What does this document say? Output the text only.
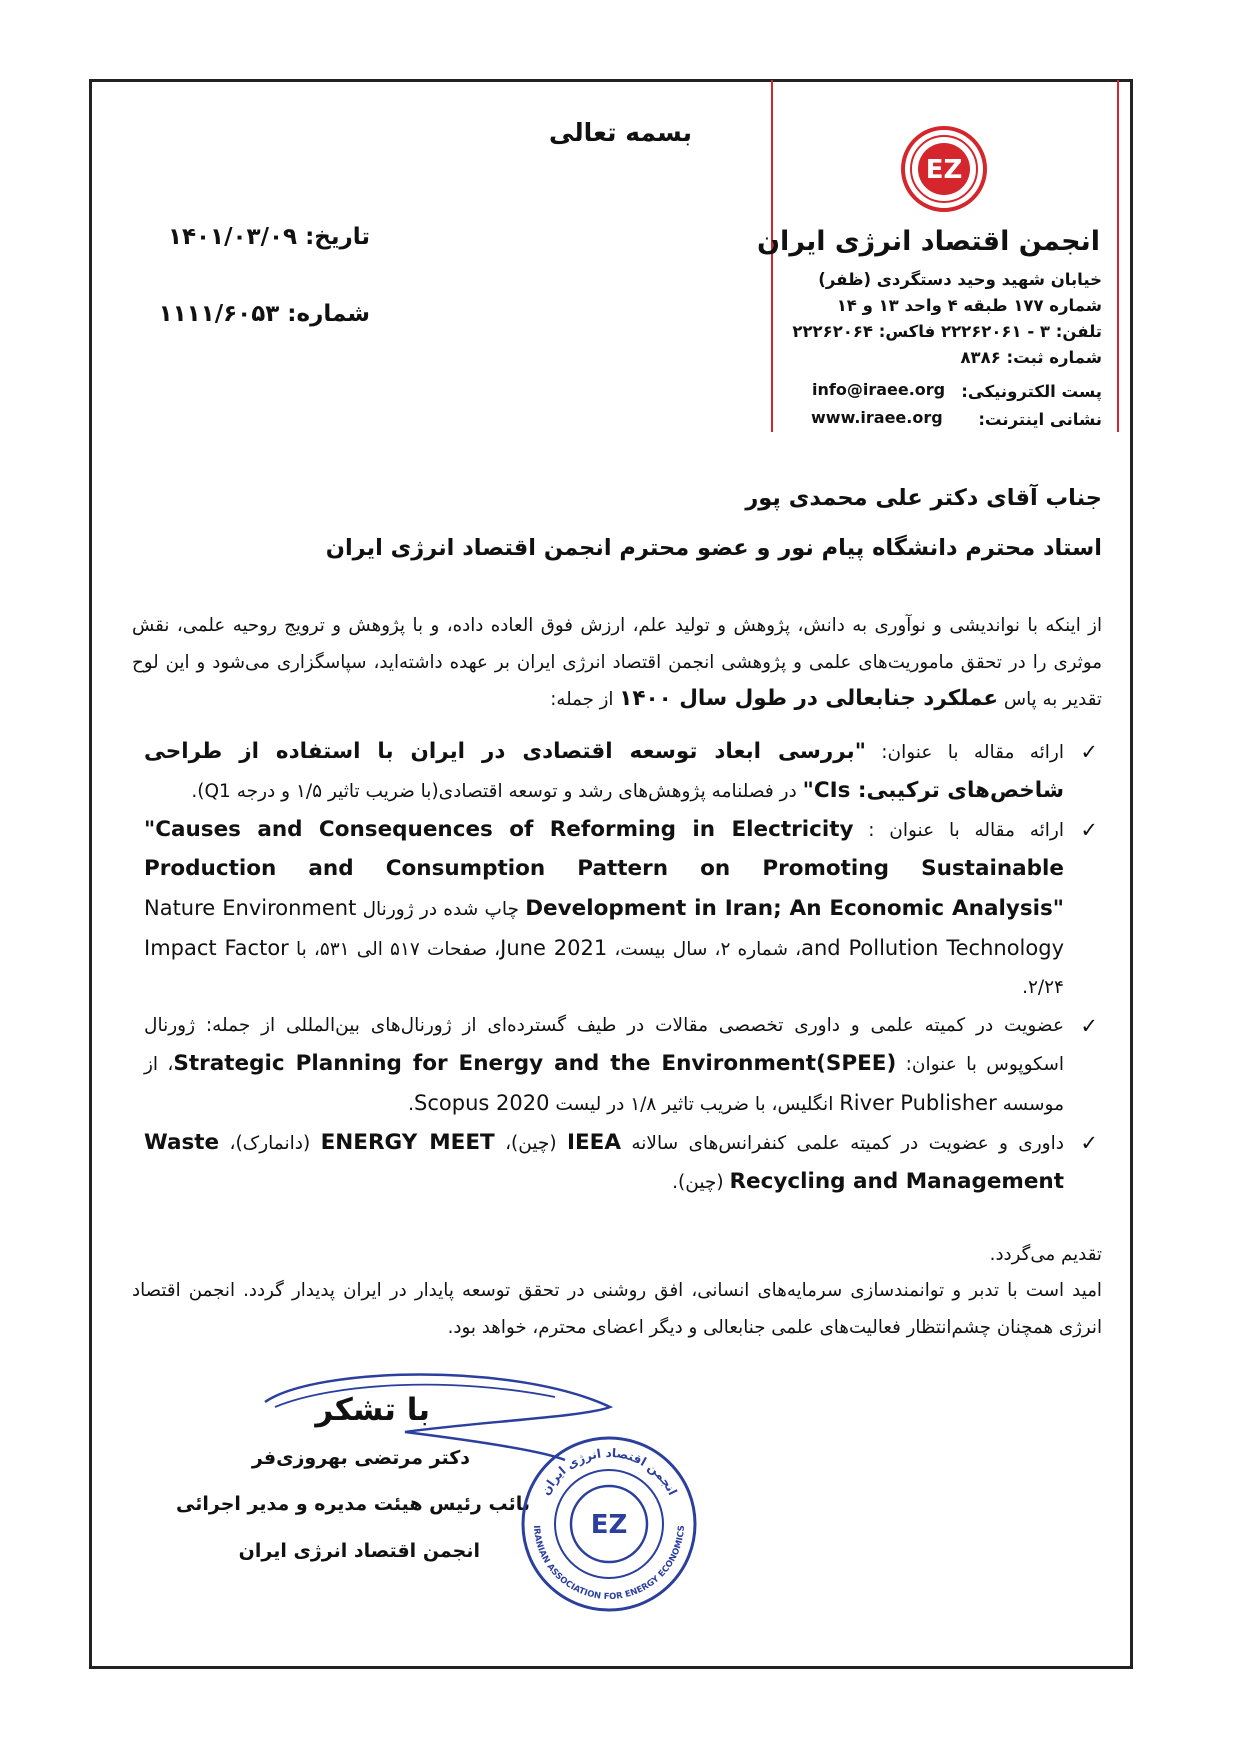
EZ
انجمن اقتصاد انرژی ایران
خیابان شهید وحید دستگردی (ظفر)
شماره ۱۷۷ طبقه ۴ واحد ۱۳ و ۱۴
تلفن: ۳ - ۲۲۲۶۲۰۶۱ فاکس: ۲۲۲۶۲۰۶۴
شماره ثبت: ۸۳۸۶
پست الکترونیکی:
info@iraee.org
نشانی اینترنت:
www.iraee.org
بسمه تعالی
تاریخ: ۱۴۰۱/۰۳/۰۹
شماره: ۱۱۱۱/۶۰۵۳
جناب آقای دکتر علی محمدی پور
استاد محترم دانشگاه پیام نور و عضو محترم انجمن اقتصاد انرژی ایران
از اینکه با نواندیشی و نوآوری به دانش، پژوهش و تولید علم، ارزش فوق العاده داده، و با پژوهش و ترویج روحیه علمی، نقش موثری را در تحقق ماموریت‌های علمی و پژوهشی انجمن اقتصاد انرژی ایران بر عهده داشته‌اید، سپاسگزاری می‌شود و این لوح تقدیر به پاس عملکرد جنابعالی در طول سال ۱۴۰۰ از جمله:
✓
ارائه مقاله با عنوان: "بررسی ابعاد توسعه اقتصادی در ایران با استفاده از طراحی شاخص‌های ترکیبی: CIs" در فصلنامه پژوهش‌های رشد و توسعه اقتصادی(با ضریب تاثیر ۱/۵ و درجه Q1).
✓
ارائه مقاله با عنوان : "Causes and Consequences of Reforming in Electricity Production and Consumption Pattern on Promoting Sustainable Development in Iran; An Economic Analysis" چاپ شده در ژورنال Nature Environment and Pollution Technology، شماره ۲، سال بیست، June 2021، صفحات ۵۱۷ الی ۵۳۱، با Impact Factor ۲/۲۴.
✓
عضویت در کمیته علمی و داوری تخصصی مقالات در طیف گسترده‌ای از ژورنال‌های بین‌المللی از جمله: ژورنال اسکوپوس با عنوان: Strategic Planning for Energy and the Environment(SPEE)، از موسسه River Publisher انگلیس، با ضریب تاثیر ۱/۸ در لیست Scopus 2020.
✓
داوری و عضویت در کمیته علمی کنفرانس‌های سالانه IEEA (چین)، ENERGY MEET (دانمارک)، Waste Recycling and Management (چین).
تقدیم می‌گردد.
امید است با تدبر و توانمندسازی سرمایه‌های انسانی، افق روشنی در تحقق توسعه پایدار در ایران پدیدار گردد. انجمن اقتصاد انرژی همچنان چشم‌انتظار فعالیت‌های علمی جنابعالی و دیگر اعضای محترم، خواهد بود.
با تشکر
دکتر مرتضی بهروزی‌فر
نائب رئیس هیئت مدیره و مدیر اجرائی
انجمن اقتصاد انرژی ایران
انجمن اقتصاد انرژی ایران
IRANIAN ASSOCIATION FOR ENERGY ECONOMICS
EZ
